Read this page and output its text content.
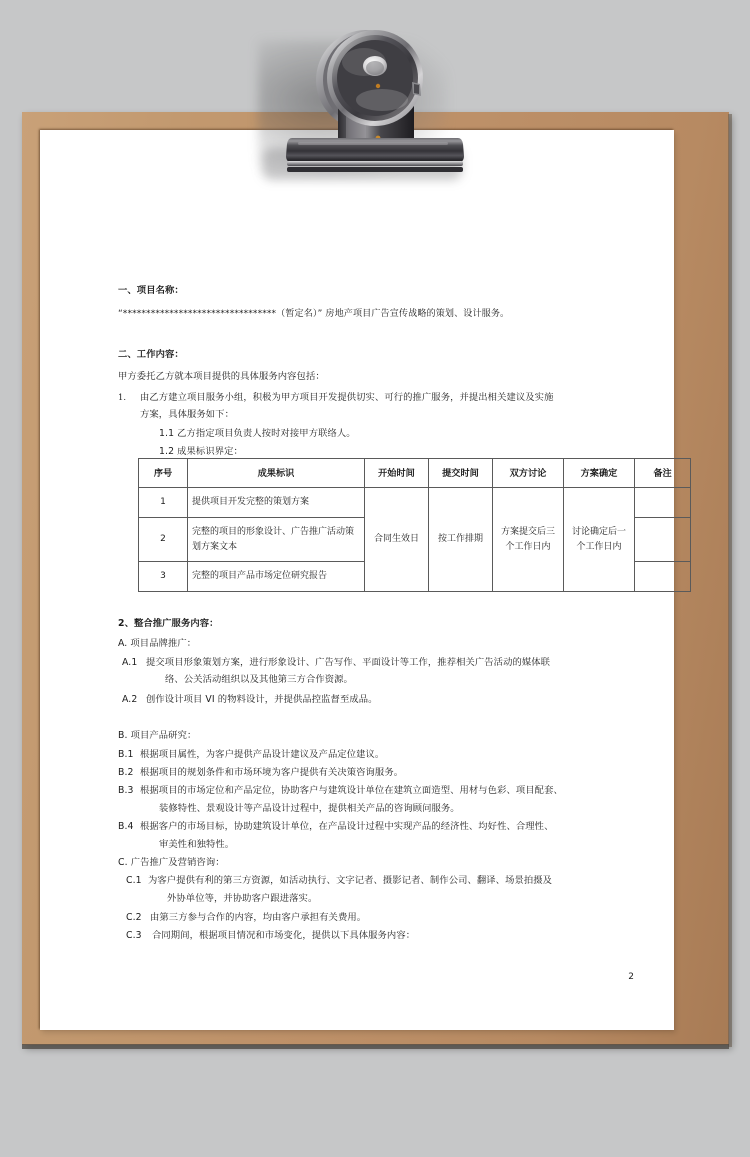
一、项目名称：
“*********************************（暂定名）” 房地产项目广告宣传战略的策划、设计服务。
二、工作内容：
甲方委托乙方就本项目提供的具体服务内容包括：
1. 由乙方建立项目服务小组，积极为甲方项目开发提供切实、可行的推广服务，并提出相关建议及实施
方案，具体服务如下：
1.1 乙方指定项目负责人按时对接甲方联络人。
1.2 成果标识界定：
序号	成果标识	开始时间	提交时间	双方讨论	方案确定	备注
1	提供项目开发完整的策划方案	合同生效日	按工作排期	方案提交后三个工作日内	讨论确定后一个工作日内	
2	完整的项目的形象设计、广告推广活动策划方案文本					
3	完整的项目产品市场定位研究报告					
2、整合推广服务内容：
A. 项目品牌推广：
A.1 提交项目形象策划方案，进行形象设计、广告写作、平面设计等工作，推荐相关广告活动的媒体联
络、公关活动组织以及其他第三方合作资源。
A.2 创作设计项目 VI 的物料设计，并提供品控监督至成品。
B. 项目产品研究：
B.1 根据项目属性，为客户提供产品设计建议及产品定位建议。
B.2 根据项目的规划条件和市场环境为客户提供有关决策咨询服务。
B.3 根据项目的市场定位和产品定位，协助客户与建筑设计单位在建筑立面造型、用材与色彩、项目配套、
装修特性、景观设计等产品设计过程中，提供相关产品的咨询顾问服务。
B.4 根据客户的市场目标，协助建筑设计单位，在产品设计过程中实现产品的经济性、均好性、合理性、
审美性和独特性。
C. 广告推广及营销咨询：
C.1 为客户提供有利的第三方资源，如活动执行、文字记者、摄影记者、制作公司、翻译、场景拍摄及
外协单位等，并协助客户跟进落实。
C.2 由第三方参与合作的内容，均由客户承担有关费用。
C.3 合同期间，根据项目情况和市场变化，提供以下具体服务内容：
2
